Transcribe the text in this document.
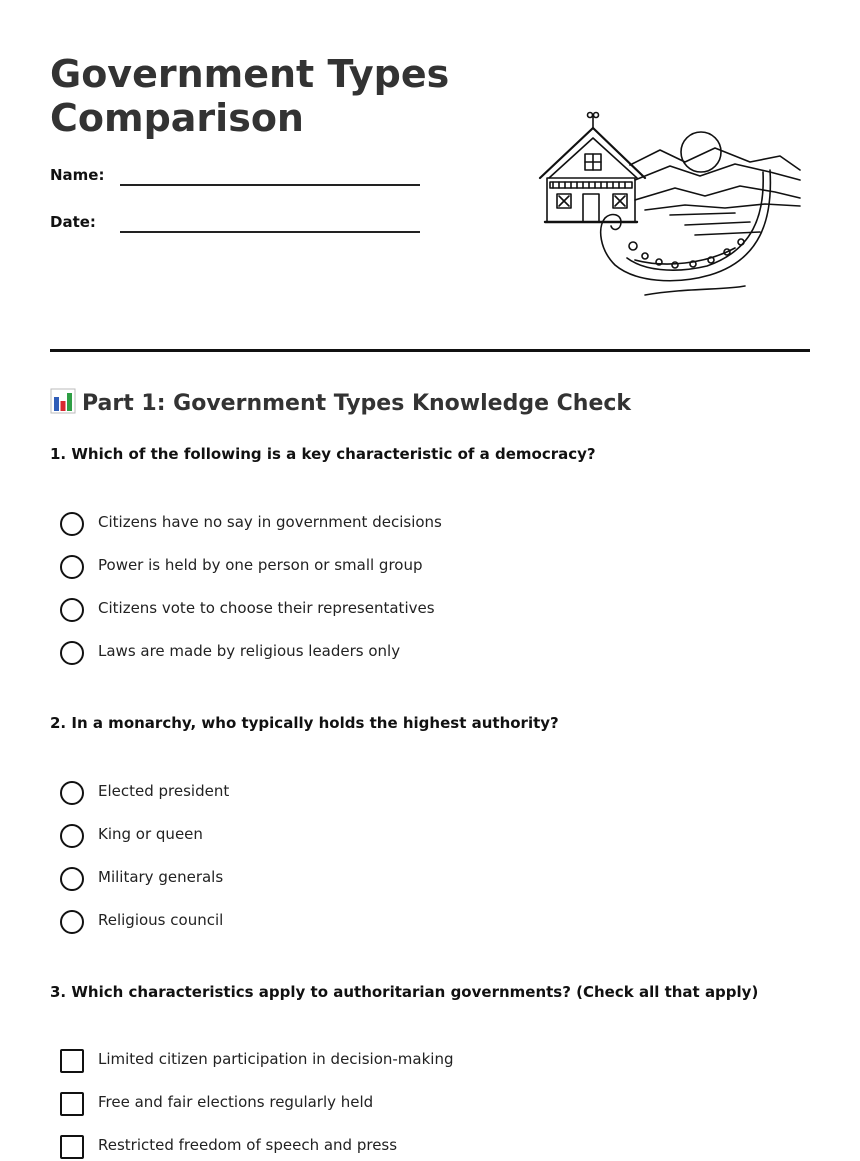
Government Types Comparison
Name:
Date:
Part 1: Government Types Knowledge Check

1. Which of the following is a key characteristic of a democracy?

Citizens have no say in government decisions
Power is held by one person or small group
Citizens vote to choose their representatives
Laws are made by religious leaders only

2. In a monarchy, who typically holds the highest authority?

Elected president
King or queen
Military generals
Religious council

3. Which characteristics apply to authoritarian governments? (Check all that apply)

Limited citizen participation in decision-making
Free and fair elections regularly held
Restricted freedom of speech and press
